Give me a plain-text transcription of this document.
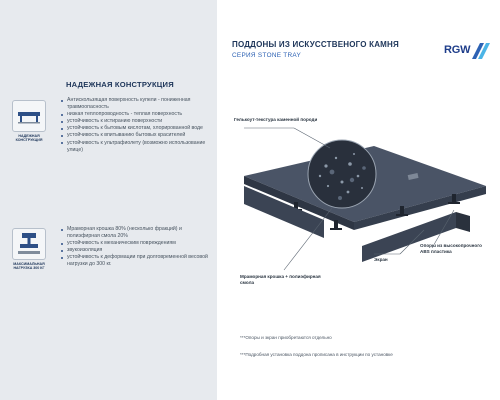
НАДЕЖНАЯ КОНСТРУКЦИЯ
НАДЕЖНАЯ КОНСТРУКЦИЯ
Антискользящая поверхность купели - пониженная травмоопасность
низкая теплопроводность - теплая поверхность
устойчивость к истиранию поверхности
устойчивость к бытовым кислотам, хлорированной воде
устойчивость к впитыванию бытовых красителей
устойчивость к ультрафиолету (возможно использование улице)
МАКСИМАЛЬНАЯ НАГРУЗКА 300 КГ
Мраморная крошка 80% (несколько фракций) и полиэфирная смола 20%
устойчивость к механическим повреждениям
звукоизоляция
устойчивость к деформации при долговременной весовой нагрузки до 300 кг.
ПОДДОНЫ ИЗ ИСКУССТВЕНОГО КАМНЯ
СЕРИЯ STONE TRAY	RGW
Гелькоут-текстура каменной породи
Мраморная крошка + полиэфирная смола
Экран
Опоры из высокопрочного ABS пластика
***Опоры и экран приобретаются отдельно
***Подробная установка поддона прописана в инструкции по установке
